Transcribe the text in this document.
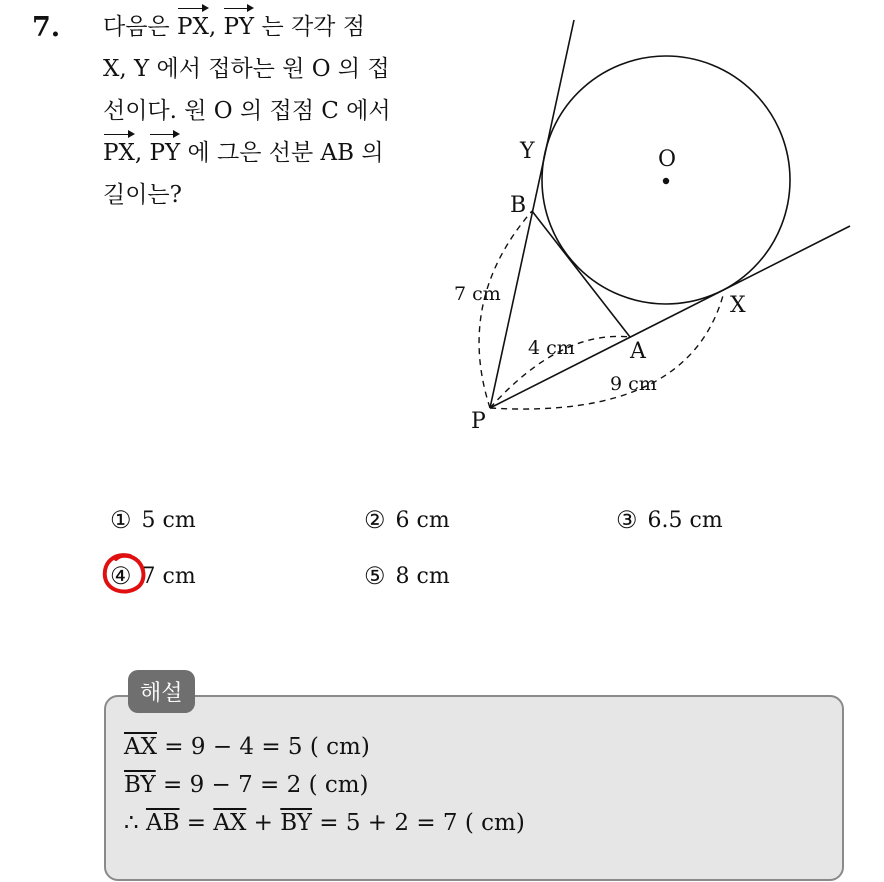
7. 다음은 PX, PY 는 각각 점
X, Y 에서 접하는 원 O 의 접
선이다. 원 O 의 접점 C 에서
PX, PY 에 그은 선분 AB 의
길이는?
O
Y
B
X
A
P
7 cm
4 cm
9 cm
① 5 cm	② 6 cm	③ 6.5 cm
④ 7 cm	⑤ 8 cm
해설
$\overline{AX} = 9 - 4 = 5$ ( cm)
$\overline{BY} = 9 - 7 = 2$ ( cm)
∴ $\overline{AB} = \overline{AX} + \overline{BY} = 5 + 2 = 7$ ( cm)
